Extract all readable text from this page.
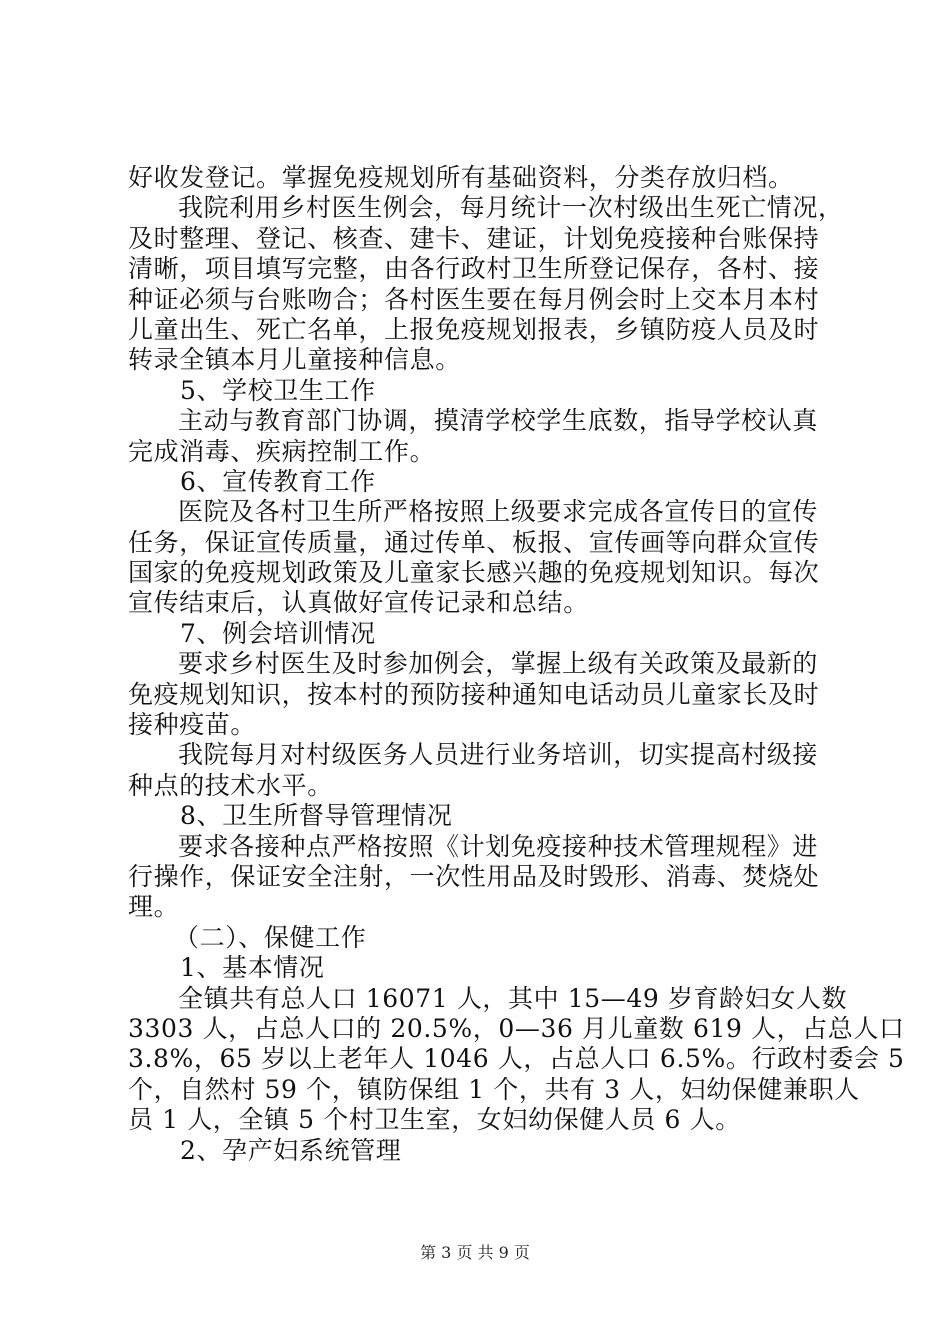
好收发登记。掌握免疫规划所有基础资料，分类存放归档。
我院利用乡村医生例会，每月统计一次村级出生死亡情况，
及时整理、登记、核查、建卡、建证，计划免疫接种台账保持
清晰，项目填写完整，由各行政村卫生所登记保存，各村、接
种证必须与台账吻合；各村医生要在每月例会时上交本月本村
儿童出生、死亡名单，上报免疫规划报表，乡镇防疫人员及时
转录全镇本月儿童接种信息。
5、学校卫生工作
主动与教育部门协调，摸清学校学生底数，指导学校认真
完成消毒、疾病控制工作。
6、宣传教育工作
医院及各村卫生所严格按照上级要求完成各宣传日的宣传
任务，保证宣传质量，通过传单、板报、宣传画等向群众宣传
国家的免疫规划政策及儿童家长感兴趣的免疫规划知识。每次
宣传结束后，认真做好宣传记录和总结。
7、例会培训情况
要求乡村医生及时参加例会，掌握上级有关政策及最新的
免疫规划知识，按本村的预防接种通知电话动员儿童家长及时
接种疫苗。
我院每月对村级医务人员进行业务培训，切实提高村级接
种点的技术水平。
8、卫生所督导管理情况
要求各接种点严格按照《计划免疫接种技术管理规程》进
行操作，保证安全注射，一次性用品及时毁形、消毒、焚烧处
理。
（二）、保健工作
1、基本情况
全镇共有总人口 16071 人，其中 15—49 岁育龄妇女人数
3303 人，占总人口的 20.5%，0—36 月儿童数 619 人，占总人口
3.8%，65 岁以上老年人 1046 人，占总人口 6.5%。行政村委会 5
个，自然村 59 个，镇防保组 1 个，共有 3 人，妇幼保健兼职人
员 1 人，全镇 5 个村卫生室，女妇幼保健人员 6 人。
2、孕产妇系统管理
第 3 页 共 9 页
